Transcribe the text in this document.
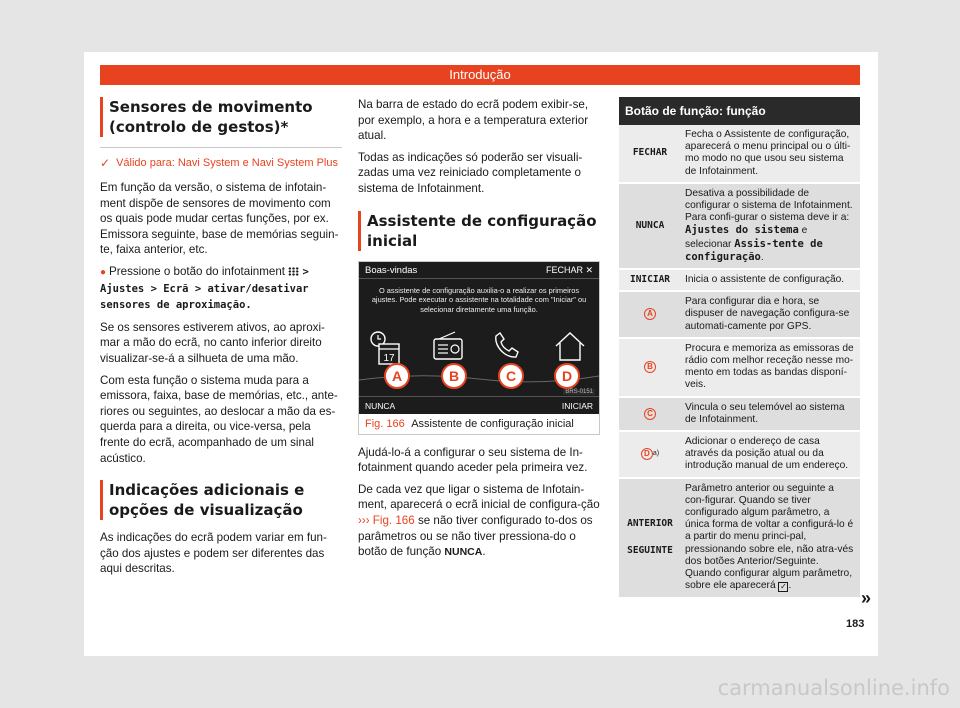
Introdução
Sensores de movimento (controlo de gestos)*
✓ Válido para: Navi System e Navi System Plus

Em função da versão, o sistema de infotain-ment dispõe de sensores de movimento com os quais pode mudar certas funções, por ex. Emissora seguinte, base de memórias seguin-te, faixa anterior, etc.

● Pressione o botão do infotainment > Ajustes > Ecrã > ativar/desativar sensores de aproximação.

Se os sensores estiverem ativos, ao aproxi-mar a mão do ecrã, no canto inferior direito visualizar-se-á a silhueta de uma mão.

Com esta função o sistema muda para a emissora, faixa, base de memórias, etc., ante-riores ou seguintes, ao deslocar a mão da es-querda para a direita, ou vice-versa, pela frente do ecrã, acompanhado de um sinal acústico.

Indicações adicionais e opções de visualização

As indicações do ecrã podem variar em fun-ção dos ajustes e podem ser diferentes das aqui descritas.

Na barra de estado do ecrã podem exibir-se, por exemplo, a hora e a temperatura exterior atual.

Todas as indicações só poderão ser visuali-zadas uma vez reiniciado completamente o sistema de Infotainment.

Assistente de configuração inicial
Boas-vindas	FECHAR ✕
O assistente de configuração auxilia-o a realizar os primeiros ajustes. Pode executar o assistente na totalidade com "Iniciar" ou selecionar diretamente uma função.
17
BRS-0151
NUNCA	INICIAR
A	B	C	D
Fig. 166 Assistente de configuração inicial

Ajudá-lo-á a configurar o seu sistema de In-fotainment quando aceder pela primeira vez.

De cada vez que ligar o sistema de Infotain-ment, aparecerá o ecrã inicial de configura-ção ››› Fig. 166 se não tiver configurado to-dos os parâmetros ou se não tiver pressiona-do o botão de função NUNCA.

Botão de função: função	
FECHAR	Fecha o Assistente de configuração, aparecerá o menu principal ou o últi-mo modo no que usou seu sistema de Infotainment.
NUNCA	Desativa a possibilidade de configurar o sistema de Infotainment. Para confi-gurar o sistema deve ir a: Ajustes do sistema e selecionar Assis-tente de configuração.
INICIAR	Inicia o assistente de configuração.
A	Para configurar dia e hora, se dispuser de navegação configura-se automati-camente por GPS.
B	Procura e memoriza as emissoras de rádio com melhor receção nesse mo-mento em todas as bandas disponí-veis.
C	Vincula o seu telemóvel ao sistema de Infotainment.
D $^{a)}$	Adicionar o endereço de casa através da posição atual ou da introdução manual de um endereço.

ANTERIOR
SEGUINTE	Parâmetro anterior ou seguinte a con-figurar. Quando se tiver configurado algum parâmetro, a única forma de voltar a configurá-lo é a partir do menu princi-pal, pressionando sobre ele, não atra-vés dos botões Anterior/Seguinte. Quando configurar algum parâmetro, sobre ele aparecerá ✓ .
»
183
carmanualsonline.info
